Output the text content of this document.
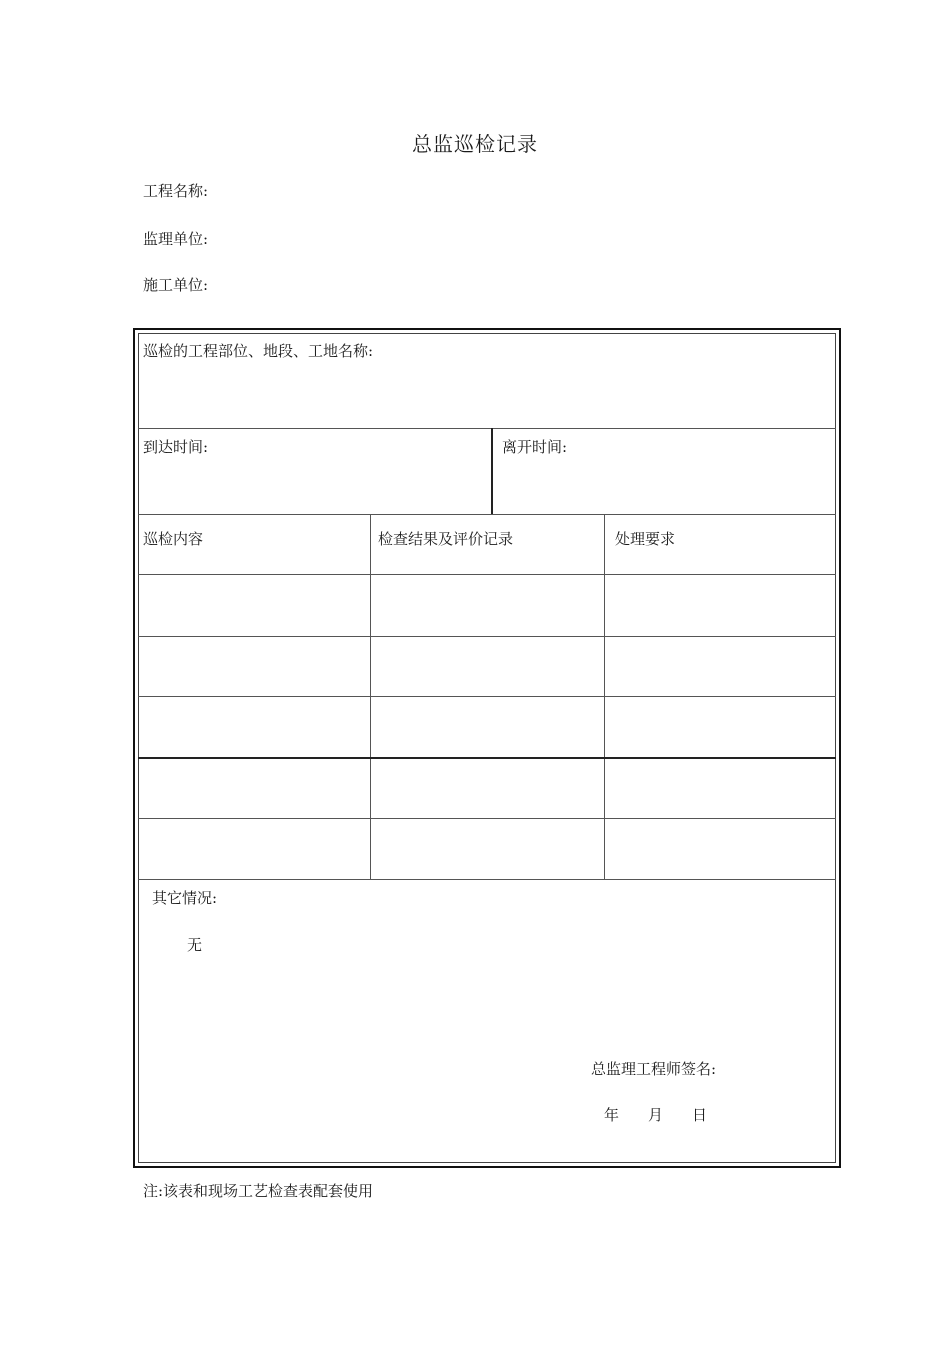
总监巡检记录
工程名称:
监理单位:
施工单位:
巡检的工程部位、地段、工地名称:
到达时间:	离开时间:
巡检内容	检查结果及评价记录	处理要求
其它情况:
无
总监理工程师签名:
年 月 日
注:该表和现场工艺检查表配套使用
